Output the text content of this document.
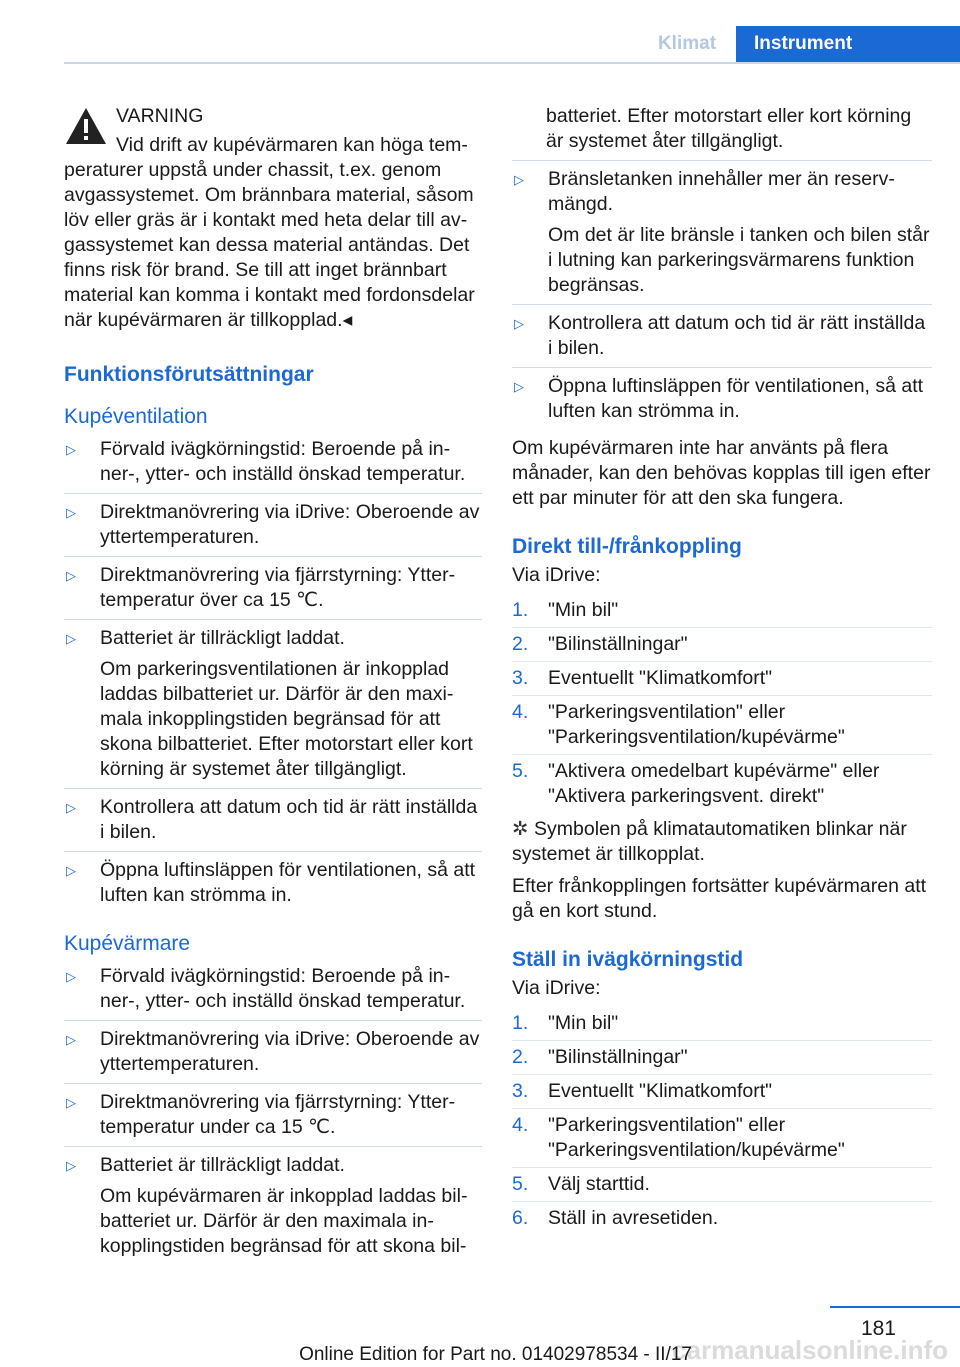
Klimat	Instrument

VARNING

Vid drift av kupévärmaren kan höga temperaturer uppstå under chassit, t.ex. genom avgassystemet. Om brännbara material, såsom löv eller gräs är i kontakt med heta delar till avgassystemet kan dessa material antändas. Det finns risk för brand. Se till att inget brännbart material kan komma i kontakt med fordonsdelar när kupévärmaren är tillkopplad.◂

Funktionsförutsättningar
Kupéventilation
▷ Förvald ivägkörningstid: Beroende på inner-, ytter- och inställd önskad temperatur.
▷ Direktmanövrering via iDrive: Oberoende av yttertemperaturen.
▷ Direktmanövrering via fjärrstyrning: Yttertemperatur över ca 15 ℃.
▷ Batteriet är tillräckligt laddat.

Om parkeringsventilationen är inkopplad laddas bilbatteriet ur. Därför är den maximala inkopplingstiden begränsad för att skona bilbatteriet. Efter motorstart eller kort körning är systemet åter tillgängligt.

▷ Kontrollera att datum och tid är rätt inställda i bilen.
▷ Öppna luftinsläppen för ventilationen, så att luften kan strömma in.
Kupévärmare
▷ Förvald ivägkörningstid: Beroende på inner-, ytter- och inställd önskad temperatur.
▷ Direktmanövrering via iDrive: Oberoende av yttertemperaturen.
▷ Direktmanövrering via fjärrstyrning: Yttertemperatur under ca 15 ℃.
▷ Batteriet är tillräckligt laddat.

Om kupévärmaren är inkopplad laddas bilbatteriet ur. Därför är den maximala inkopplingstiden begränsad för att skona bil-

batteriet. Efter motorstart eller kort körning är systemet åter tillgängligt.

▷ Bränsletanken innehåller mer än reservmängd.

Om det är lite bränsle i tanken och bilen står i lutning kan parkeringsvärmarens funktion begränsas.

▷ Kontrollera att datum och tid är rätt inställda i bilen.
▷ Öppna luftinsläppen för ventilationen, så att luften kan strömma in.

Om kupévärmaren inte har använts på flera månader, kan den behövas kopplas till igen efter ett par minuter för att den ska fungera.

Direkt till-/frånkoppling

Via iDrive:

1. "Min bil"
2. "Bilinställningar"
3. Eventuellt "Klimatkomfort"
4. "Parkeringsventilation" eller "Parkeringsventilation/kupévärme"
5. "Aktivera omedelbart kupévärme" eller "Aktivera parkeringsvent. direkt"

✲ Symbolen på klimatautomatiken blinkar när systemet är tillkopplat.

Efter frånkopplingen fortsätter kupévärmaren att gå en kort stund.

Ställ in ivägkörningstid

Via iDrive:

1. "Min bil"
2. "Bilinställningar"
3. Eventuellt "Klimatkomfort"
4. "Parkeringsventilation" eller "Parkeringsventilation/kupévärme"
5. Välj starttid.
6. Ställ in avresetiden.
181
carmanualsonline.info
Online Edition for Part no. 01402978534 - II/17
